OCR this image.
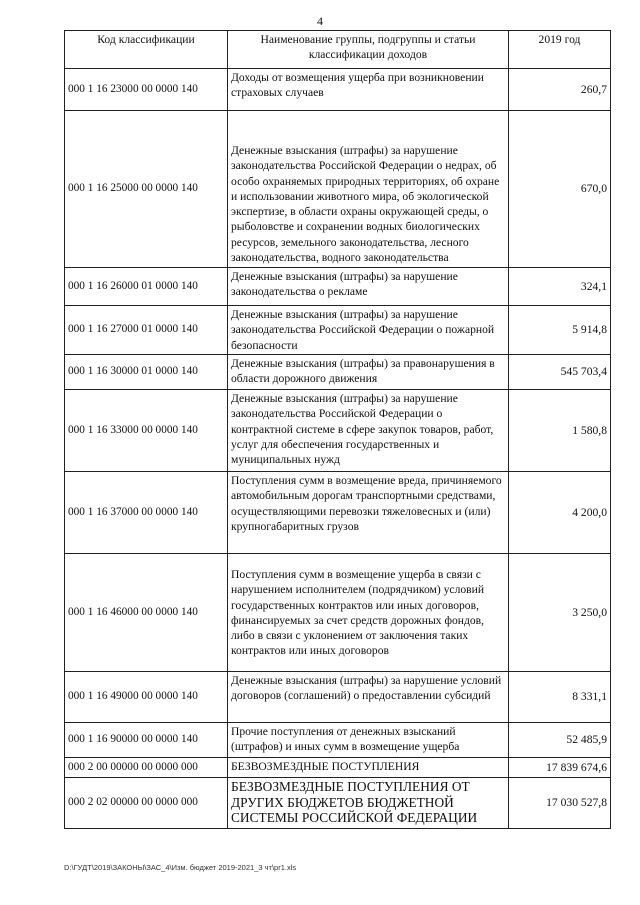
4
Код классификации	Наименование группы, подгруппы и статьи классификации доходов	2019 год
000 1 16 23000 00 0000 140	Доходы от возмещения ущерба при возникновении страховых случаев	260,7
000 1 16 25000 00 0000 140	Денежные взыскания (штрафы) за нарушение законодательства Российской Федерации о недрах, об особо охраняемых природных территориях, об охране и использовании животного мира, об экологической экспертизе, в области охраны окружающей среды, о рыболовстве и сохранении водных биологических ресурсов, земельного законодательства, лесного законодательства, водного законодательства	670,0
000 1 16 26000 01 0000 140	Денежные взыскания (штрафы) за нарушение законодательства о рекламе	324,1
000 1 16 27000 01 0000 140	Денежные взыскания (штрафы) за нарушение законодательства Российской Федерации о пожарной безопасности	5 914,8
000 1 16 30000 01 0000 140	Денежные взыскания (штрафы) за правонарушения в области дорожного движения	545 703,4
000 1 16 33000 00 0000 140	Денежные взыскания (штрафы) за нарушение законодательства Российской Федерации о контрактной системе в сфере закупок товаров, работ, услуг для обеспечения государственных и муниципальных нужд	1 580,8
000 1 16 37000 00 0000 140	Поступления сумм в возмещение вреда, причиняемого автомобильным дорогам транспортными средствами, осуществляющими перевозки тяжеловесных и (или) крупногабаритных грузов	4 200,0
000 1 16 46000 00 0000 140	Поступления сумм в возмещение ущерба в связи с нарушением исполнителем (подрядчиком) условий государственных контрактов или иных договоров, финансируемых за счет средств дорожных фондов, либо в связи с уклонением от заключения таких контрактов или иных договоров	3 250,0
000 1 16 49000 00 0000 140	Денежные взыскания (штрафы) за нарушение условий договоров (соглашений) о предоставлении субсидий	8 331,1
000 1 16 90000 00 0000 140	Прочие поступления от денежных взысканий (штрафов) и иных сумм в возмещение ущерба	52 485,9
000 2 00 00000 00 0000 000	БЕЗВОЗМЕЗДНЫЕ ПОСТУПЛЕНИЯ	17 839 674,6
000 2 02 00000 00 0000 000	БЕЗВОЗМЕЗДНЫЕ ПОСТУПЛЕНИЯ ОТ ДРУГИХ БЮДЖЕТОВ БЮДЖЕТНОЙ СИСТЕМЫ РОССИЙСКОЙ ФЕДЕРАЦИИ	17 030 527,8
D:\ГУДТ\2019\ЗАКОНЫ\ЗАС_4\Изм. бюджет 2019-2021_3 чт\pr1.xls
